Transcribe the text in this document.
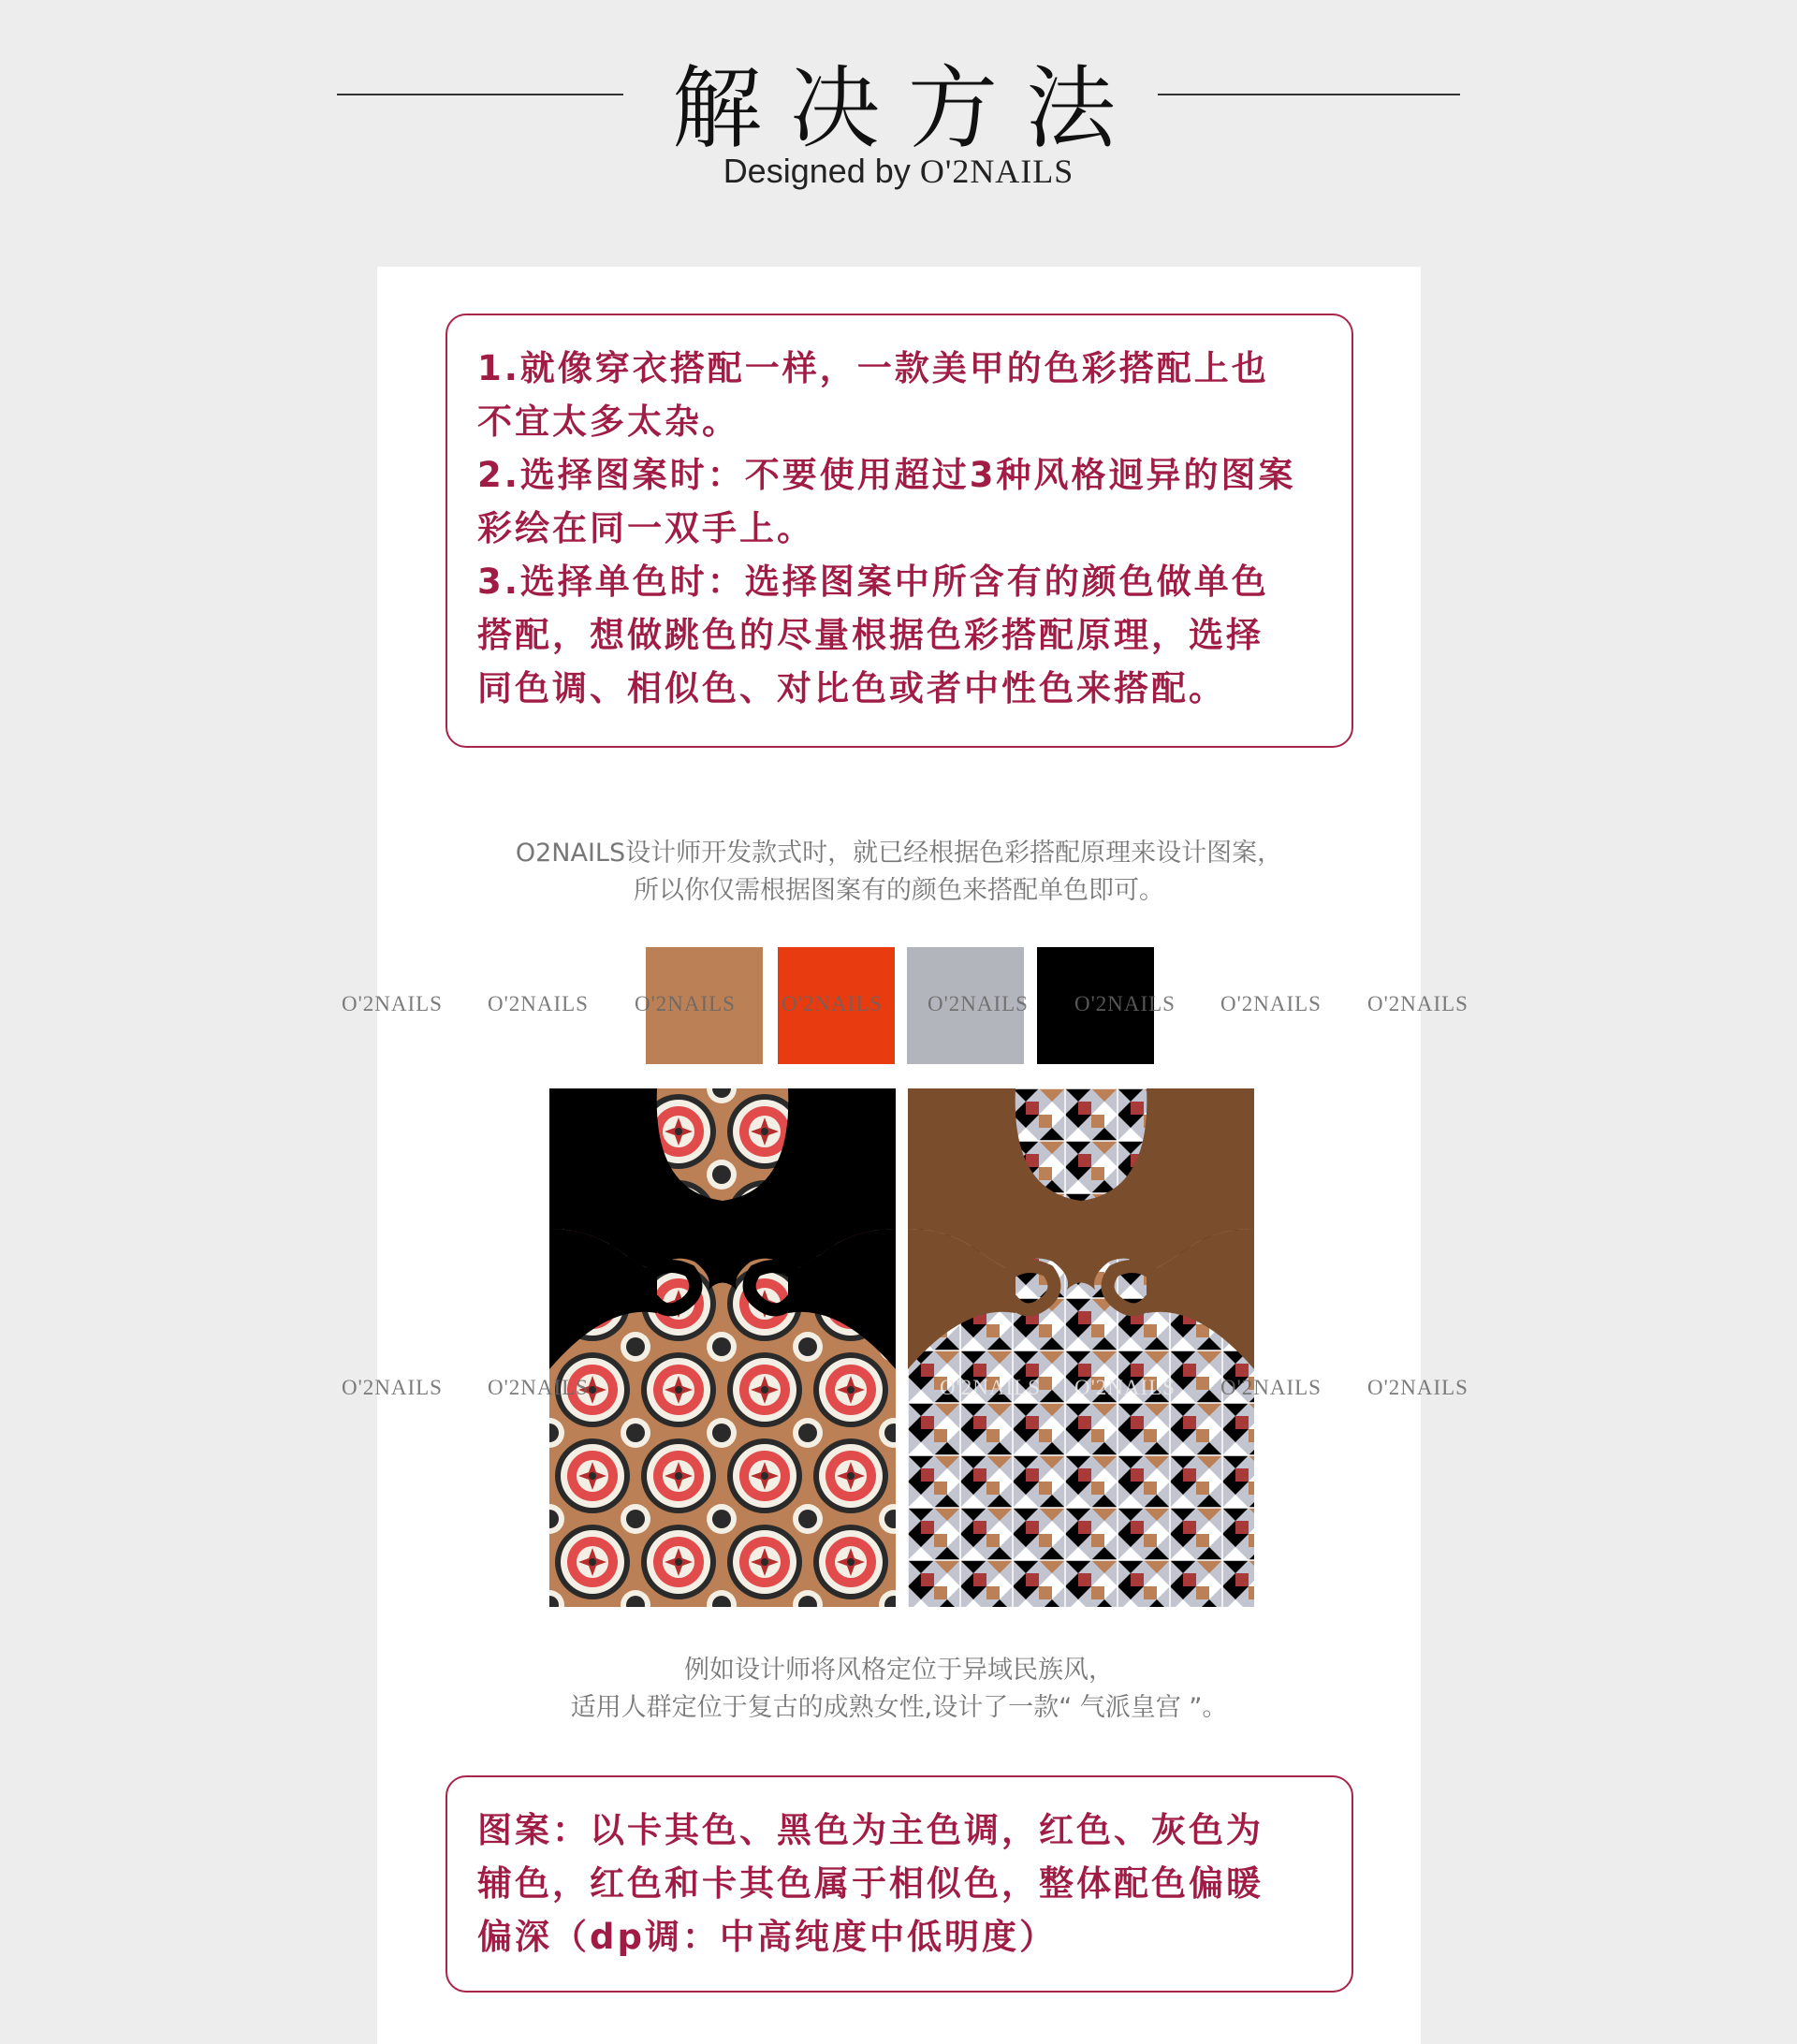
解决方法
Designed by O'2NAILS
1.就像穿衣搭配一样，一款美甲的色彩搭配上也
不宜太多太杂。
2.选择图案时：不要使用超过3种风格迥异的图案
彩绘在同一双手上。
3.选择单色时：选择图案中所含有的颜色做单色
搭配，想做跳色的尽量根据色彩搭配原理，选择
同色调、相似色、对比色或者中性色来搭配。
O2NAILS设计师开发款式时，就已经根据色彩搭配原理来设计图案，
所以你仅需根据图案有的颜色来搭配单色即可。
O'2NAILS O'2NAILS O'2NAILS O'2NAILS O'2NAILS O'2NAILS O'2NAILS O'2NAILS
O'2NAILS O'2NAILS	O'2NAILS O'2NAILS O'2NAILS O'2NAILS
例如设计师将风格定位于异域民族风，
适用人群定位于复古的成熟女性,设计了一款“ 气派皇宫 ”。
图案：以卡其色、黑色为主色调，红色、灰色为
辅色，红色和卡其色属于相似色，整体配色偏暖
偏深（dp调：中高纯度中低明度）
